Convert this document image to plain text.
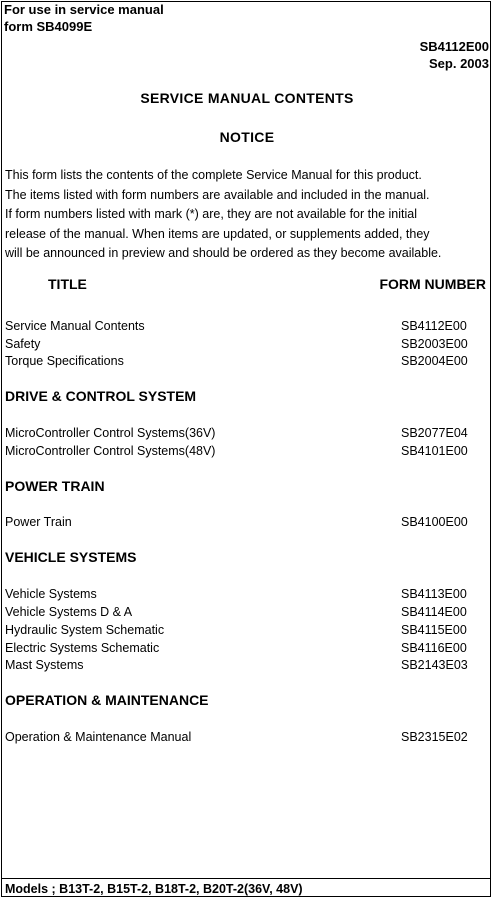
For use in service manual
form SB4099E
SB4112E00
Sep. 2003
SERVICE MANUAL CONTENTS
NOTICE
This form lists the contents of the complete Service Manual for this product.
The items listed with form numbers are available and included in the manual.
If form numbers listed with mark (*) are, they are not available for the initial
release of the manual. When items are updated, or supplements added, they
will be announced in preview and should be ordered as they become available.
TITLE	FORM NUMBER
Service Manual Contents	SB4112E00
Safety	SB2003E00
Torque Specifications	SB2004E00
DRIVE & CONTROL SYSTEM
MicroController Control Systems(36V)	SB2077E04
MicroController Control Systems(48V)	SB4101E00
POWER TRAIN
Power Train	SB4100E00
VEHICLE SYSTEMS
Vehicle Systems	SB4113E00
Vehicle Systems D & A	SB4114E00
Hydraulic System Schematic	SB4115E00
Electric Systems Schematic	SB4116E00
Mast Systems	SB2143E03
OPERATION & MAINTENANCE
Operation & Maintenance Manual	SB2315E02
Models ; B13T-2, B15T-2, B18T-2, B20T-2(36V, 48V)
